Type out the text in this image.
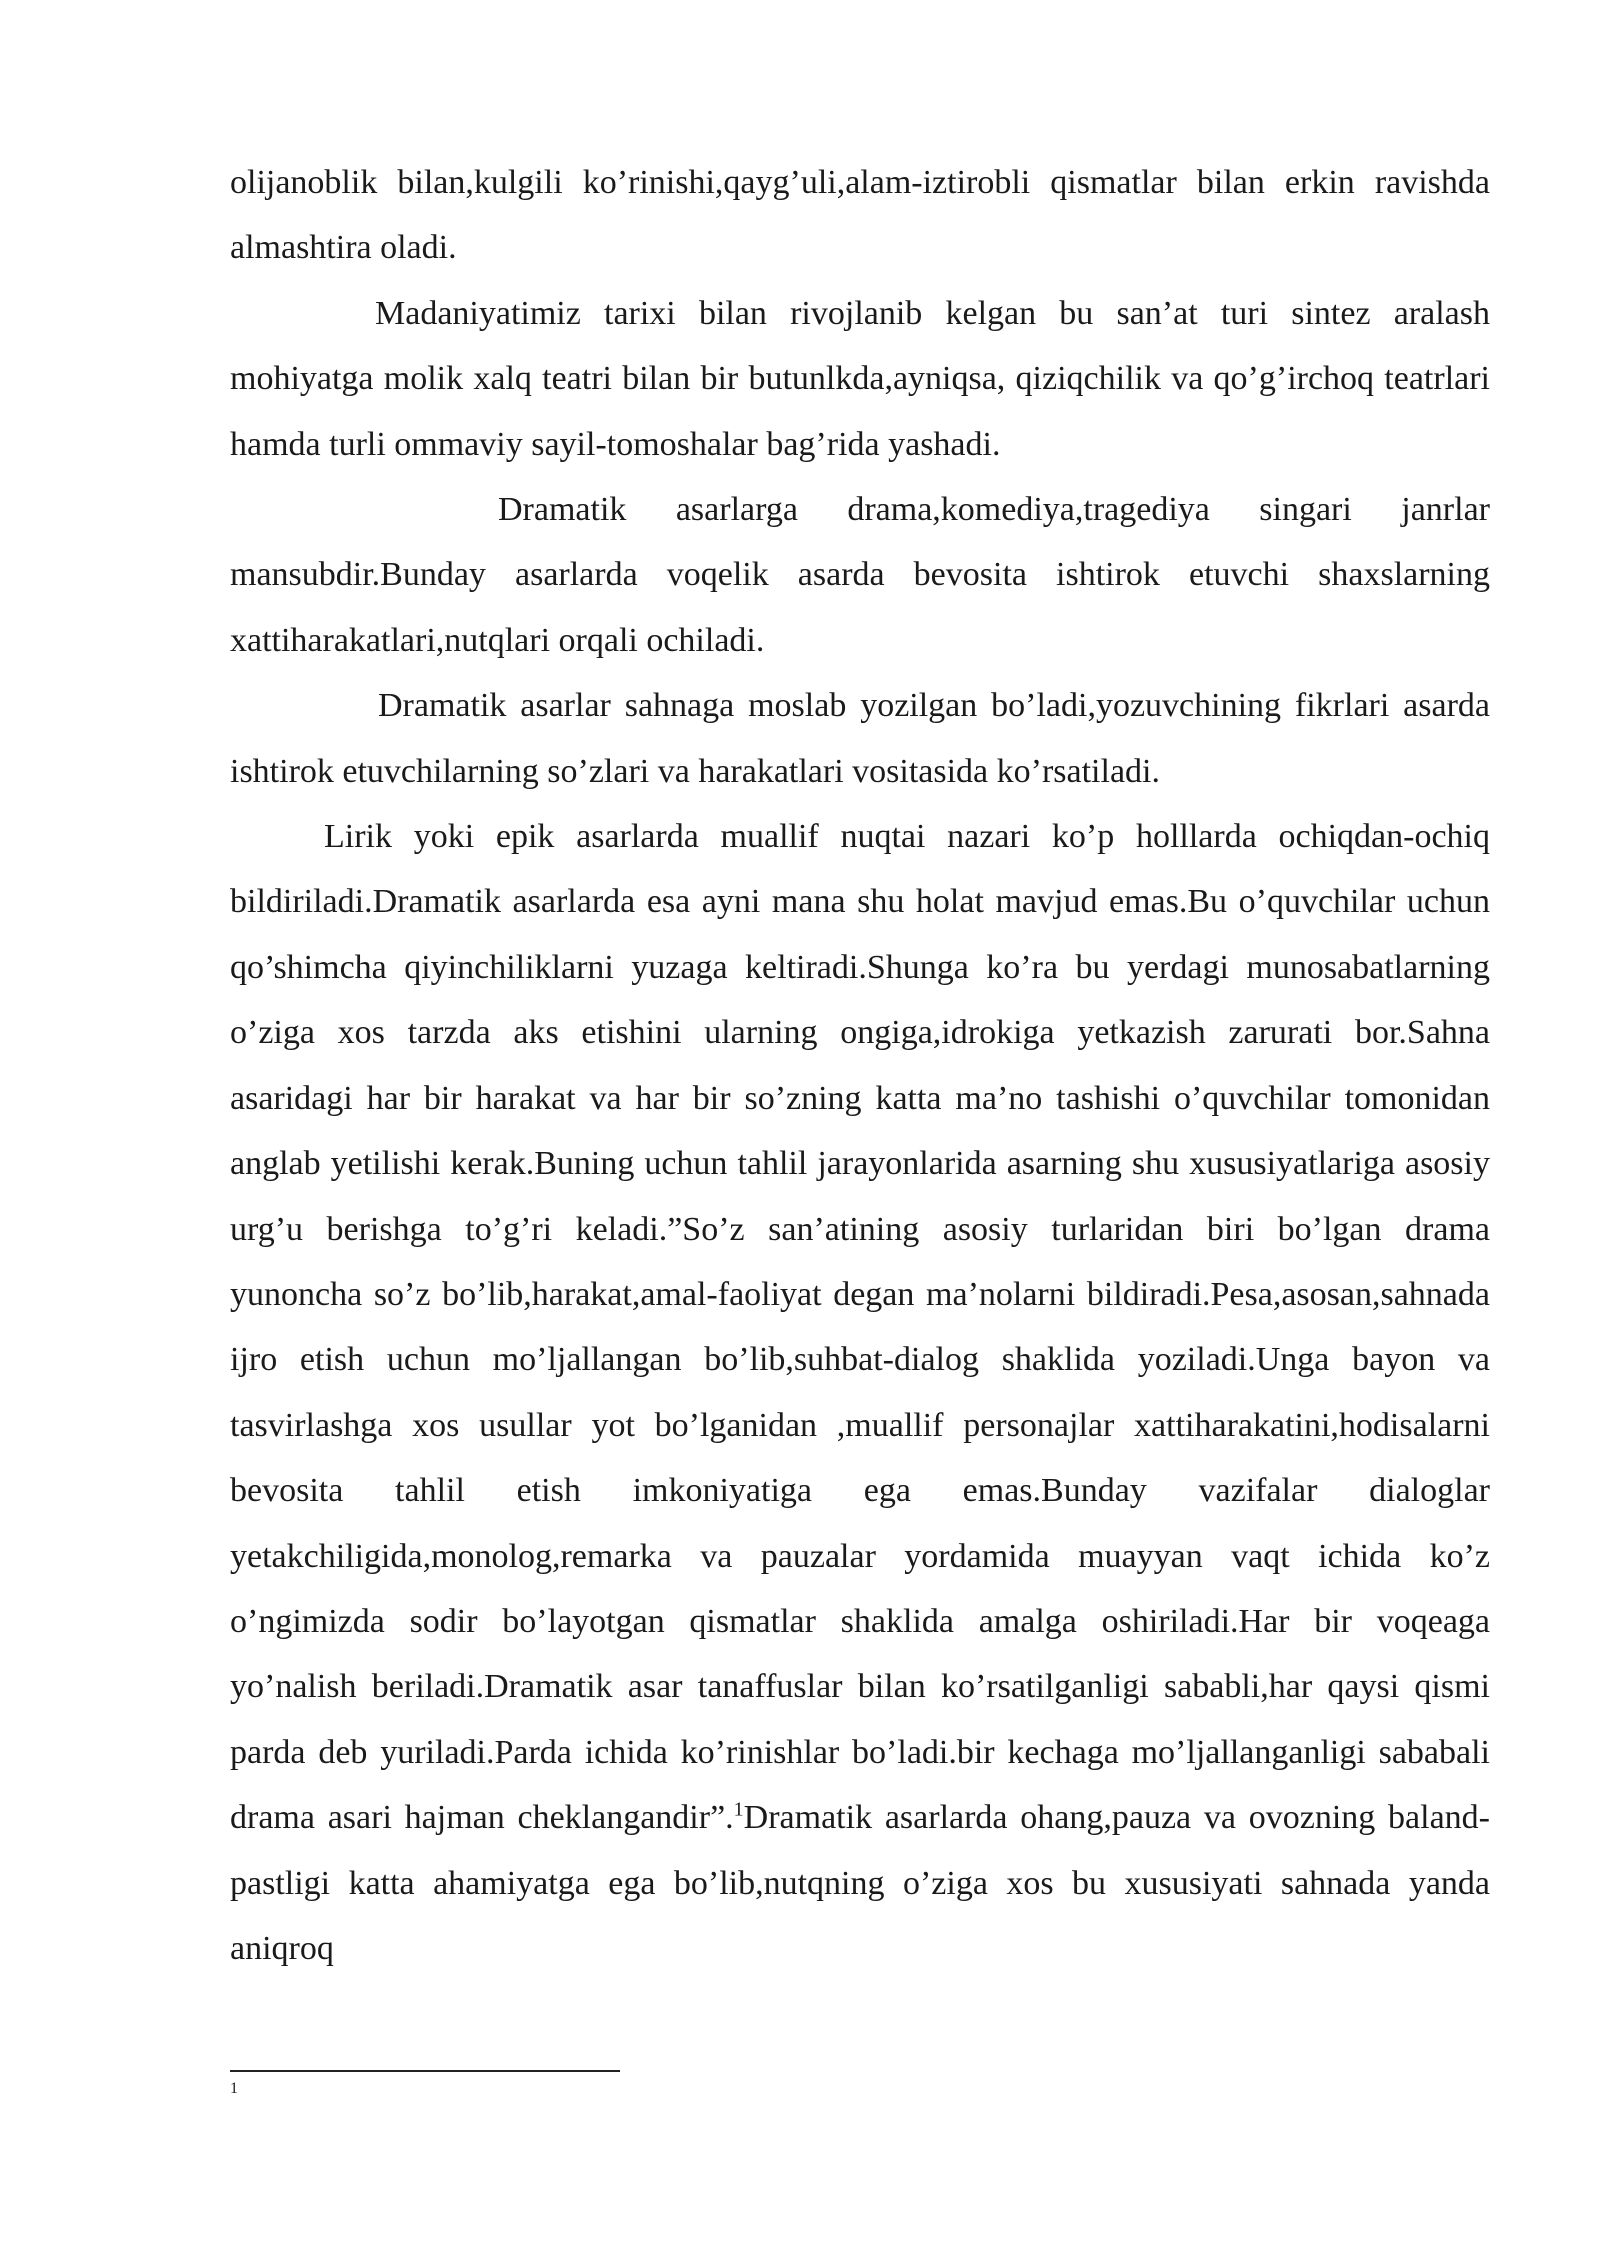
olijanoblik bilan,kulgili ko’rinishi,qayg’uli,alam-iztirobli qismatlar bilan erkin ravishda almashtira oladi.

Madaniyatimiz tarixi bilan rivojlanib kelgan bu san’at turi sintez aralash mohiyatga molik xalq teatri bilan bir butunlkda,ayniqsa, qiziqchilik va qo’g’irchoq teatrlari hamda turli ommaviy sayil-tomoshalar bag’rida yashadi.

Dramatik asarlarga drama,komediya,tragediya singari janrlar mansubdir.Bunday asarlarda voqelik asarda bevosita ishtirok etuvchi shaxslarning xattiharakatlari,nutqlari orqali ochiladi.

Dramatik asarlar sahnaga moslab yozilgan bo’ladi,yozuvchining fikrlari asarda ishtirok etuvchilarning so’zlari va harakatlari vositasida ko’rsatiladi.

Lirik yoki epik asarlarda muallif nuqtai nazari ko’p holllarda ochiqdan-ochiq bildiriladi.Dramatik asarlarda esa ayni mana shu holat mavjud emas.Bu o’quvchilar uchun qo’shimcha qiyinchiliklarni yuzaga keltiradi.Shunga ko’ra bu yerdagi munosabatlarning o’ziga xos tarzda aks etishini ularning ongiga,idrokiga yetkazish zarurati bor.Sahna asaridagi har bir harakat va har bir so’zning katta ma’no tashishi o’quvchilar tomonidan anglab yetilishi kerak.Buning uchun tahlil jarayonlarida asarning shu xususiyatlariga asosiy urg’u berishga to’g’ri keladi.”So’z san’atining asosiy turlaridan biri bo’lgan drama yunoncha so’z bo’lib,harakat,amal-faoliyat degan ma’nolarni bildiradi.Pesa,asosan,sahnada ijro etish uchun mo’ljallangan bo’lib,suhbat-dialog shaklida yoziladi.Unga bayon va tasvirlashga xos usullar yot bo’lganidan ,muallif personajlar xattiharakatini,hodisalarni bevosita tahlil etish imkoniyatiga ega emas.Bunday vazifalar dialoglar yetakchiligida,monolog,remarka va pauzalar yordamida muayyan vaqt ichida ko’z o’ngimizda sodir bo’layotgan qismatlar shaklida amalga oshiriladi.Har bir voqeaga yo’nalish beriladi.Dramatik asar tanaffuslar bilan ko’rsatilganligi sababli,har qaysi qismi parda deb yuriladi.Parda ichida ko’rinishlar bo’ladi.bir kechaga mo’ljallanganligi sababali drama asari hajman cheklangandir”.$^1$Dramatik asarlarda ohang,pauza va ovozning baland-pastligi katta ahamiyatga ega bo’lib,nutqning o’ziga xos bu xususiyati sahnada yanda aniqroq

1
